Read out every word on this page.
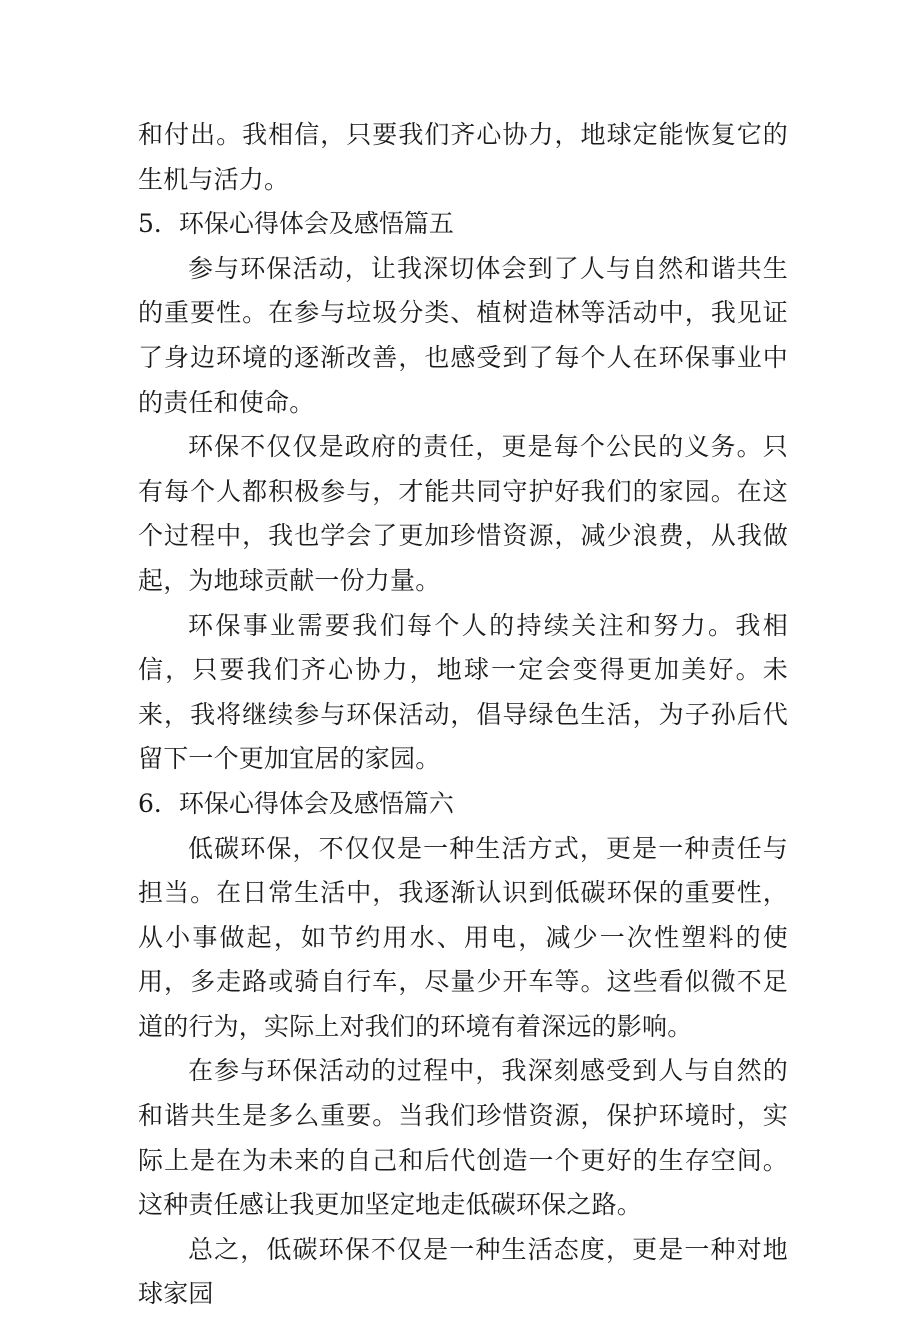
和付出。我相信，只要我们齐心协力，地球定能恢复它的生机与活力。

5．环保心得体会及感悟篇五

参与环保活动，让我深切体会到了人与自然和谐共生的重要性。在参与垃圾分类、植树造林等活动中，我见证了身边环境的逐渐改善，也感受到了每个人在环保事业中的责任和使命。

环保不仅仅是政府的责任，更是每个公民的义务。只有每个人都积极参与，才能共同守护好我们的家园。在这个过程中，我也学会了更加珍惜资源，减少浪费，从我做起，为地球贡献一份力量。

环保事业需要我们每个人的持续关注和努力。我相信，只要我们齐心协力，地球一定会变得更加美好。未来，我将继续参与环保活动，倡导绿色生活，为子孙后代留下一个更加宜居的家园。

6．环保心得体会及感悟篇六

低碳环保，不仅仅是一种生活方式，更是一种责任与担当。在日常生活中，我逐渐认识到低碳环保的重要性，从小事做起，如节约用水、用电，减少一次性塑料的使用，多走路或骑自行车，尽量少开车等。这些看似微不足道的行为，实际上对我们的环境有着深远的影响。

在参与环保活动的过程中，我深刻感受到人与自然的和谐共生是多么重要。当我们珍惜资源，保护环境时，实际上是在为未来的自己和后代创造一个更好的生存空间。这种责任感让我更加坚定地走低碳环保之路。

总之，低碳环保不仅是一种生活态度，更是一种对地球家园
